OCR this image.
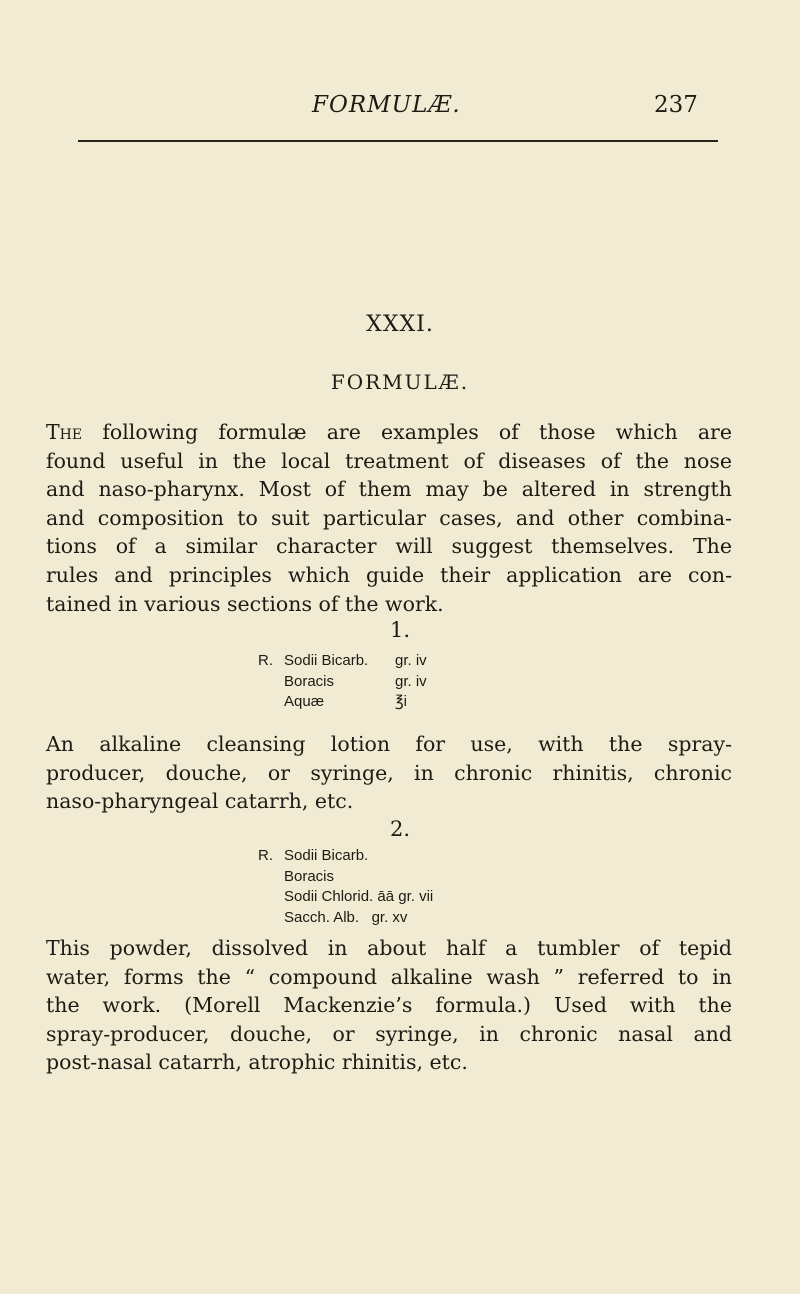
FORMULÆ.	237
XXXI.
FORMULÆ.
The following formulæ are examples of those which are
found useful in the local treatment of diseases of the nose
and naso-pharynx. Most of them may be altered in strength
and composition to suit particular cases, and other combina-
tions of a similar character will suggest themselves. The
rules and principles which guide their application are con-
tained in various sections of the work.
1.
R. Sodii Bicarb. gr. iv
Boracis	gr. iv
Aquæ	℥i
An alkaline cleansing lotion for use, with the spray-
producer, douche, or syringe, in chronic rhinitis, chronic
naso-pharyngeal catarrh, etc.
2.
R. Sodii Bicarb.
Boracis
Sodii Chlorid. āā gr. vii
Sacch. Alb. gr. xv
This powder, dissolved in about half a tumbler of tepid
water, forms the “ compound alkaline wash ” referred to in
the work. (Morell Mackenzie’s formula.) Used with the
spray-producer, douche, or syringe, in chronic nasal and
post-nasal catarrh, atrophic rhinitis, etc.
